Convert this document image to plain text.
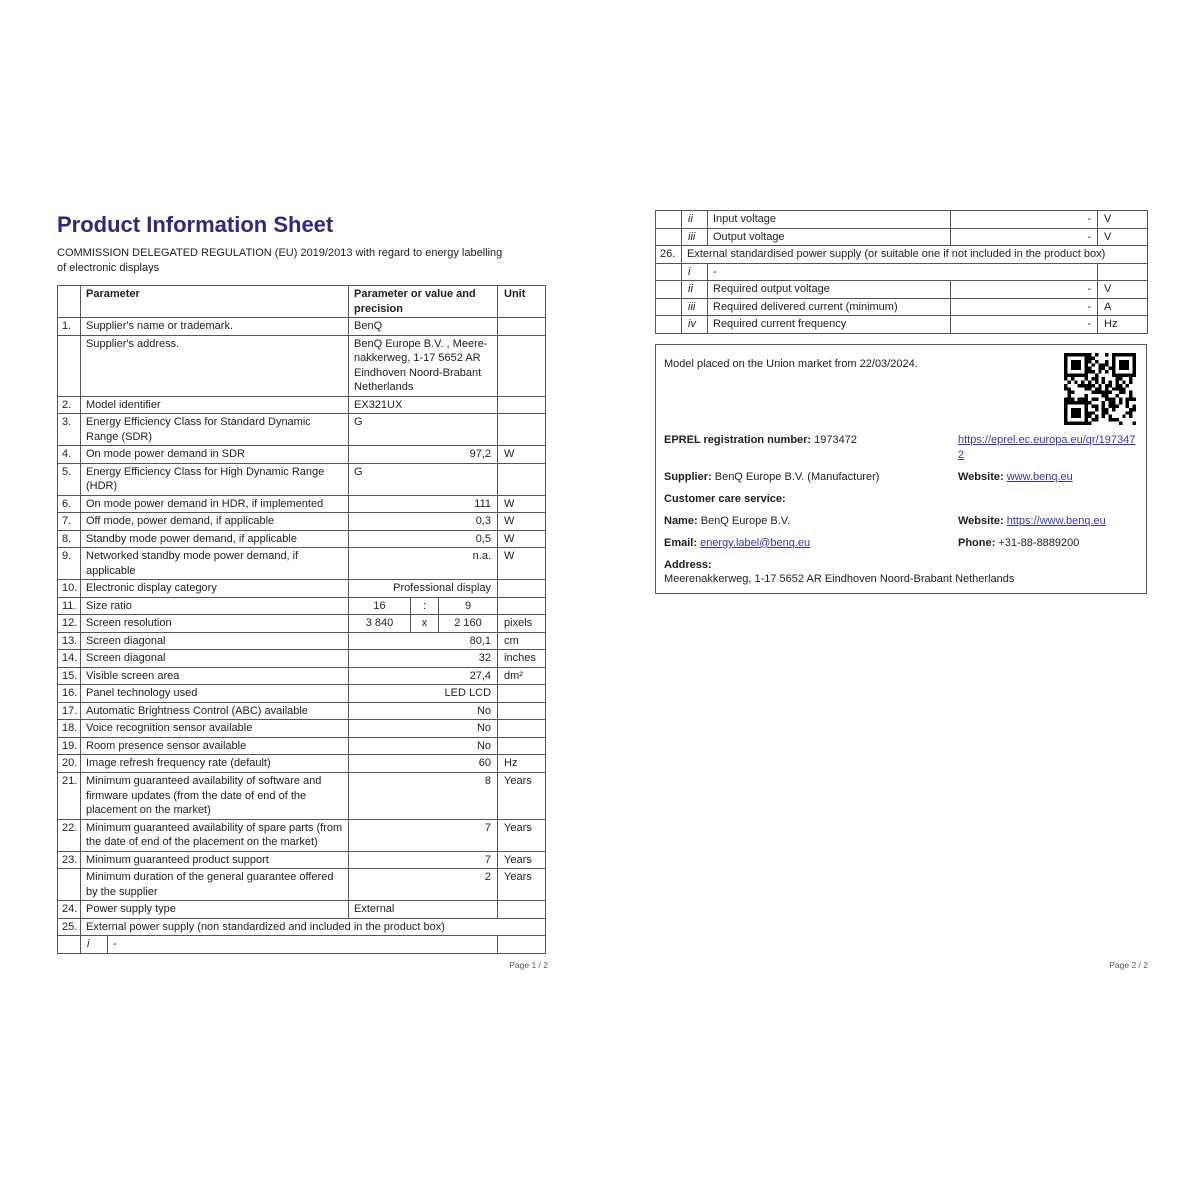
Product Information Sheet

COMMISSION DELEGATED REGULATION (EU) 2019/2013 with regard to energy labelling of electronic displays

	Parameter		Parameter or value and precision	Unit
1.	Supplier's name or trademark.		BenQ	
	Supplier's address.		BenQ Europe B.V. , Meere-nakkerweg, 1-17 5652 AR Eindhoven Noord-Brabant Netherlands	
2.	Model identifier		EX321UX	
3.	Energy Efficiency Class for Standard Dynamic Range (SDR)		G	
4.	On mode power demand in SDR		97,2	W
5.	Energy Efficiency Class for High Dynamic Range (HDR)		G	
6.	On mode power demand in HDR, if implemented		111	W
7.	Off mode, power demand, if applicable		0,3	W
8.	Standby mode power demand, if applicable		0,5	W
9.	Networked standby mode power demand, if applicable		n.a.	W
10.	Electronic display category		Professional display	
11.	Size ratio		16 : 9	

12.	Screen resolution		3 840 x 2 160	pixels
13.	Screen diagonal		80,1	cm
14.	Screen diagonal		32	inches
15.	Visible screen area		27,4	dm²
16.	Panel technology used		LED LCD	
17.	Automatic Brightness Control (ABC) available		No	
18.	Voice recognition sensor available		No	
19.	Room presence sensor available		No	
20.	Image refresh frequency rate (default)		60	Hz
21.	Minimum guaranteed availability of software and firmware updates (from the date of end of the placement on the market)		8	Years
22.	Minimum guaranteed availability of spare parts (from the date of end of the placement on the market)		7	Years
23.	Minimum guaranteed product support		7	Years
	Minimum duration of the general guarantee offered by the supplier		2	Years
24.	Power supply type		External	
25.	External power supply (non standardized and included in the product box)			
	i	-		
	ii	Input voltage	-	V
	iii	Output voltage	-	V
26.	External standardised power supply (or suitable one if not included in the product box)			
	i	-		
	ii	Required output voltage	-	V
	iii	Required delivered current (minimum)	-	A
	iv	Required current frequency	-	Hz
Model placed on the Union market from 22/03/2024.
EPREL registration number: 1973472	https://eprel.ec.europa.eu/qr/1973472
Supplier: BenQ Europe B.V. (Manufacturer)	Website: www.benq.eu
Customer care service:
Name: BenQ Europe B.V.	Website: https://www.benq.eu
Email: energy.label@benq.eu	Phone: +31-88-8889200
Address:
Meerenakkerweg, 1-17 5652 AR Eindhoven Noord-Brabant Netherlands
Page 1 / 2	Page 2 / 2
